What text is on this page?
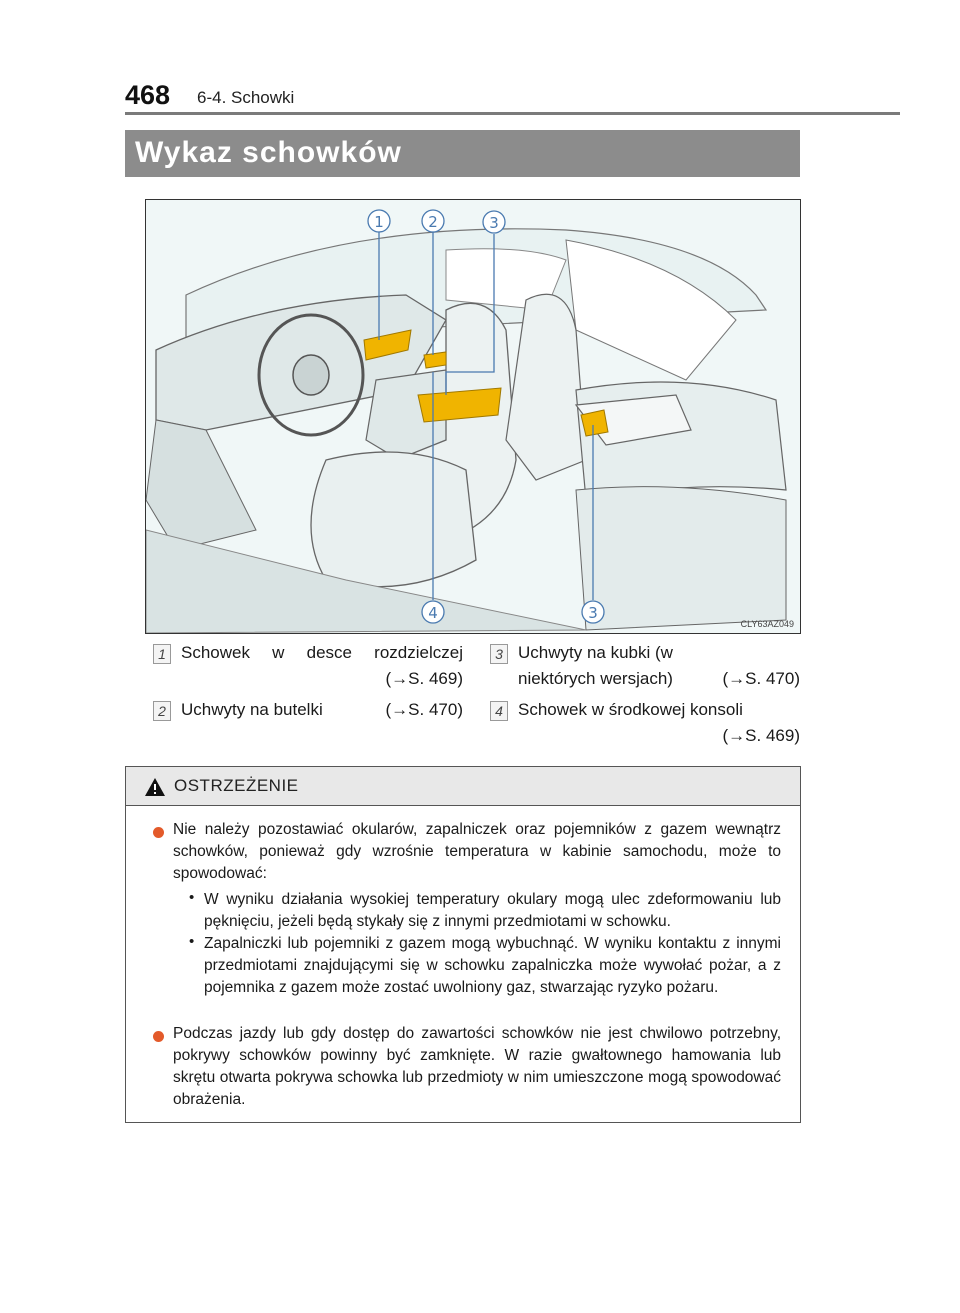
468 6-4. Schowki
Wykaz schowków
1	2	3
4	3
CLY63AZ049
1 Schowek w desce rozdzielczej
(→S. 469)
2 Uchwyty na butelki	(→S. 470)
3 Uchwyty na kubki (w niektórych wersjach)	(→S. 470)
4 Schowek w środkowej konsoli
(→S. 469)
OSTRZEŻENIE
Nie należy pozostawiać okularów, zapalniczek oraz pojemników z gazem wewnątrz schowków, ponieważ gdy wzrośnie temperatura w kabinie samochodu, może to spowodować:
• W wyniku działania wysokiej temperatury okulary mogą ulec zdeformowaniu lub pęknięciu, jeżeli będą stykały się z innymi przedmiotami w schowku.
• Zapalniczki lub pojemniki z gazem mogą wybuchnąć. W wyniku kontaktu z innymi przedmiotami znajdującymi się w schowku zapalniczka może wywołać pożar, a z pojemnika z gazem może zostać uwolniony gaz, stwarzając ryzyko pożaru.
Podczas jazdy lub gdy dostęp do zawartości schowków nie jest chwilowo potrzebny, pokrywy schowków powinny być zamknięte. W razie gwałtownego hamowania lub skrętu otwarta pokrywa schowka lub przedmioty w nim umieszczone mogą spowodować obrażenia.
